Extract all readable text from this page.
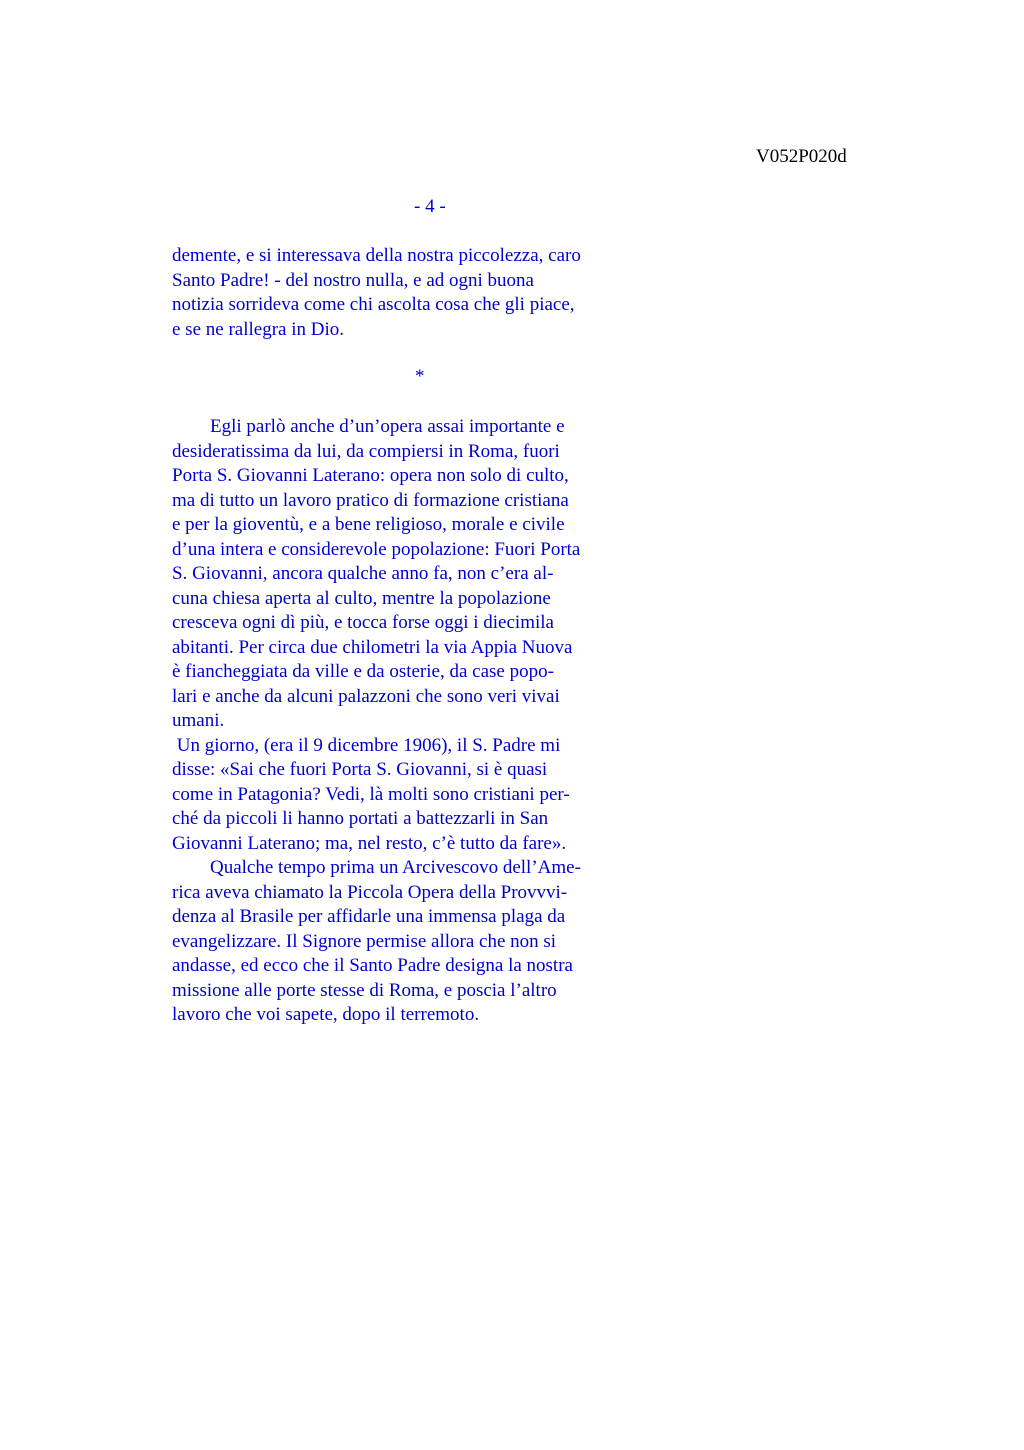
V052P020d
- 4 -
demente, e si interessava della nostra piccolezza, caro
Santo Padre! - del nostro nulla, e ad ogni buona
notizia sorrideva come chi ascolta cosa che gli piace,
e se ne rallegra in Dio.
*
Egli parlò anche d’un’opera assai importante e
desideratissima da lui, da compiersi in Roma, fuori
Porta S. Giovanni Laterano: opera non solo di culto,
ma di tutto un lavoro pratico di formazione cristiana
e per la gioventù, e a bene religioso, morale e civile
d’una intera e considerevole popolazione: Fuori Porta
S. Giovanni, ancora qualche anno fa, non c’era al-
cuna chiesa aperta al culto, mentre la popolazione
cresceva ogni dì più, e tocca forse oggi i diecimila
abitanti. Per circa due chilometri la via Appia Nuova
è fiancheggiata da ville e da osterie, da case popo-
lari e anche da alcuni palazzoni che sono veri vivai
umani.
Un giorno, (era il 9 dicembre 1906), il S. Padre mi
disse: «Sai che fuori Porta S. Giovanni, si è quasi
come in Patagonia? Vedi, là molti sono cristiani per-
ché da piccoli li hanno portati a battezzarli in San
Giovanni Laterano; ma, nel resto, c’è tutto da fare».
Qualche tempo prima un Arcivescovo dell’Ame-
rica aveva chiamato la Piccola Opera della Provvvi-
denza al Brasile per affidarle una immensa plaga da
evangelizzare. Il Signore permise allora che non si
andasse, ed ecco che il Santo Padre designa la nostra
missione alle porte stesse di Roma, e poscia l’altro
lavoro che voi sapete, dopo il terremoto.
